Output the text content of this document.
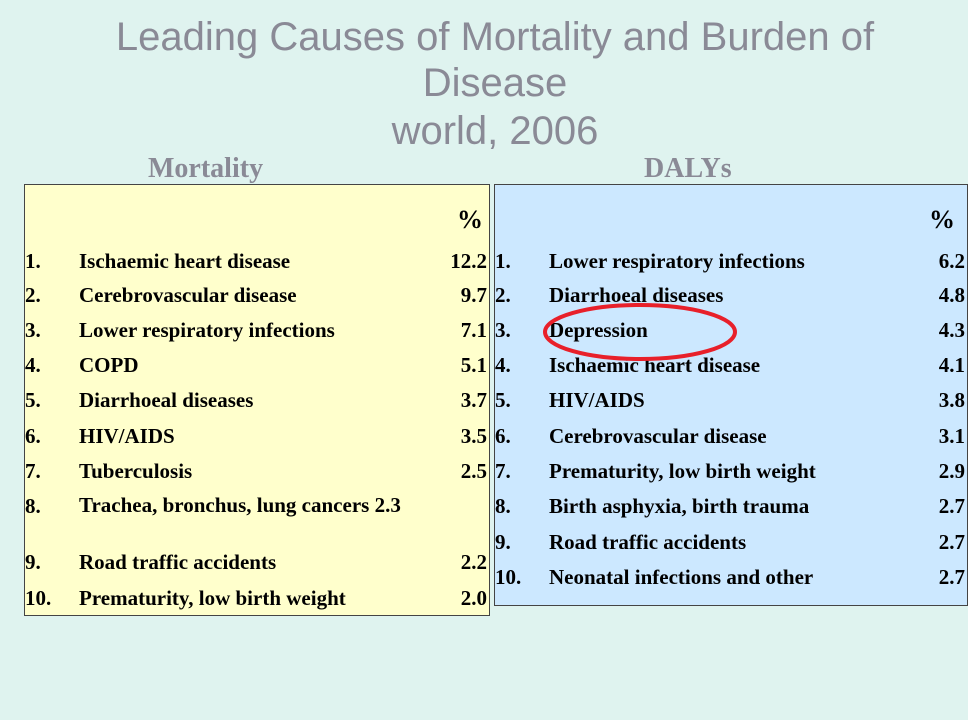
Leading Causes of Mortality and Burden of
Disease
world, 2006
Mortality	DALYs
%
1. Ischaemic heart disease	12.2
2. Cerebrovascular disease	9.7
3. Lower respiratory infections	7.1
4. COPD	5.1
5. Diarrhoeal diseases	3.7
6. HIV/AIDS	3.5
7. Tuberculosis	2.5
8. Trachea, bronchus, lung cancers 2.3
9. Road traffic accidents	2.2
10. Prematurity, low birth weight	2.0
%
1. Lower respiratory infections	6.2
2. Diarrhoeal diseases	4.8
3. Depression	4.3
4. Ischaemic heart disease	4.1
5. HIV/AIDS	3.8
6. Cerebrovascular disease	3.1
7. Prematurity, low birth weight	2.9
8. Birth asphyxia, birth trauma	2.7
9. Road traffic accidents	2.7
10. Neonatal infections and other	2.7
